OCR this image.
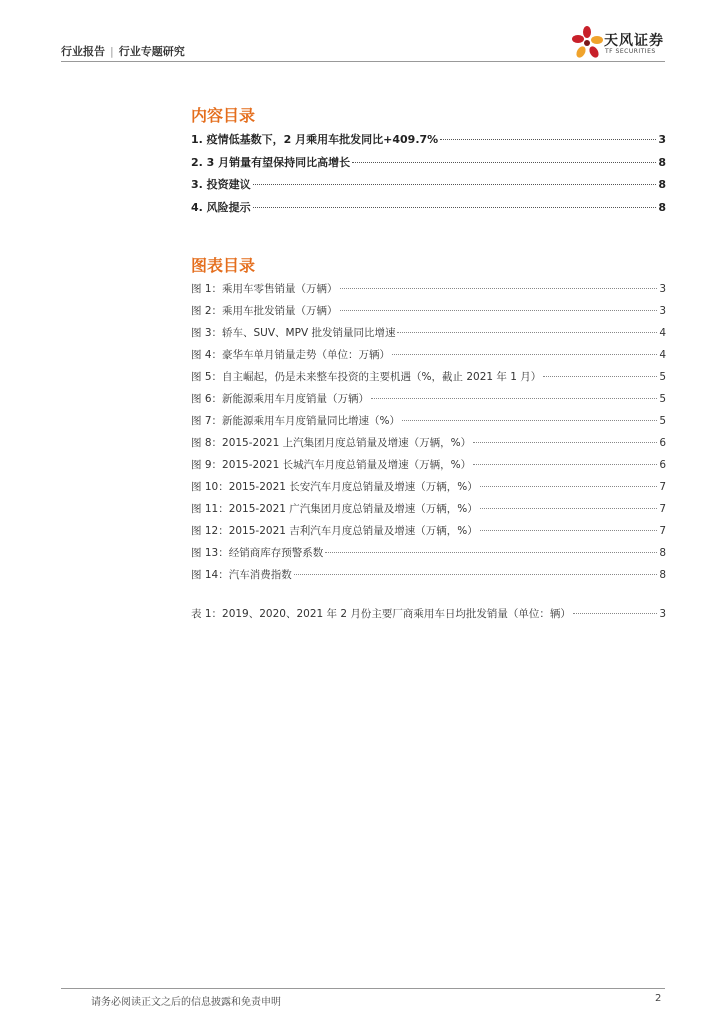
行业报告 | 行业专题研究
天风证券
TF SECURITIES
内容目录
1. 疫情低基数下，2 月乘用车批发同比+409.7%	3
2. 3 月销量有望保持同比高增长	8
3. 投资建议	8
4. 风险提示	8
图表目录
图 1：乘用车零售销量（万辆）	3
图 2：乘用车批发销量（万辆）	3
图 3：轿车、SUV、MPV 批发销量同比增速	4
图 4：豪华车单月销量走势（单位：万辆）	4
图 5：自主崛起，仍是未来整车投资的主要机遇（%，截止 2021 年 1 月）	5
图 6：新能源乘用车月度销量（万辆）	5
图 7：新能源乘用车月度销量同比增速（%）	5
图 8：2015-2021 上汽集团月度总销量及增速（万辆，%）	6
图 9：2015-2021 长城汽车月度总销量及增速（万辆，%）	6
图 10：2015-2021 长安汽车月度总销量及增速（万辆，%）	7
图 11：2015-2021 广汽集团月度总销量及增速（万辆，%）	7
图 12：2015-2021 吉利汽车月度总销量及增速（万辆，%）	7
图 13：经销商库存预警系数	8
图 14：汽车消费指数	8
表 1：2019、2020、2021 年 2 月份主要厂商乘用车日均批发销量（单位：辆）	3
请务必阅读正文之后的信息披露和免责申明	2
